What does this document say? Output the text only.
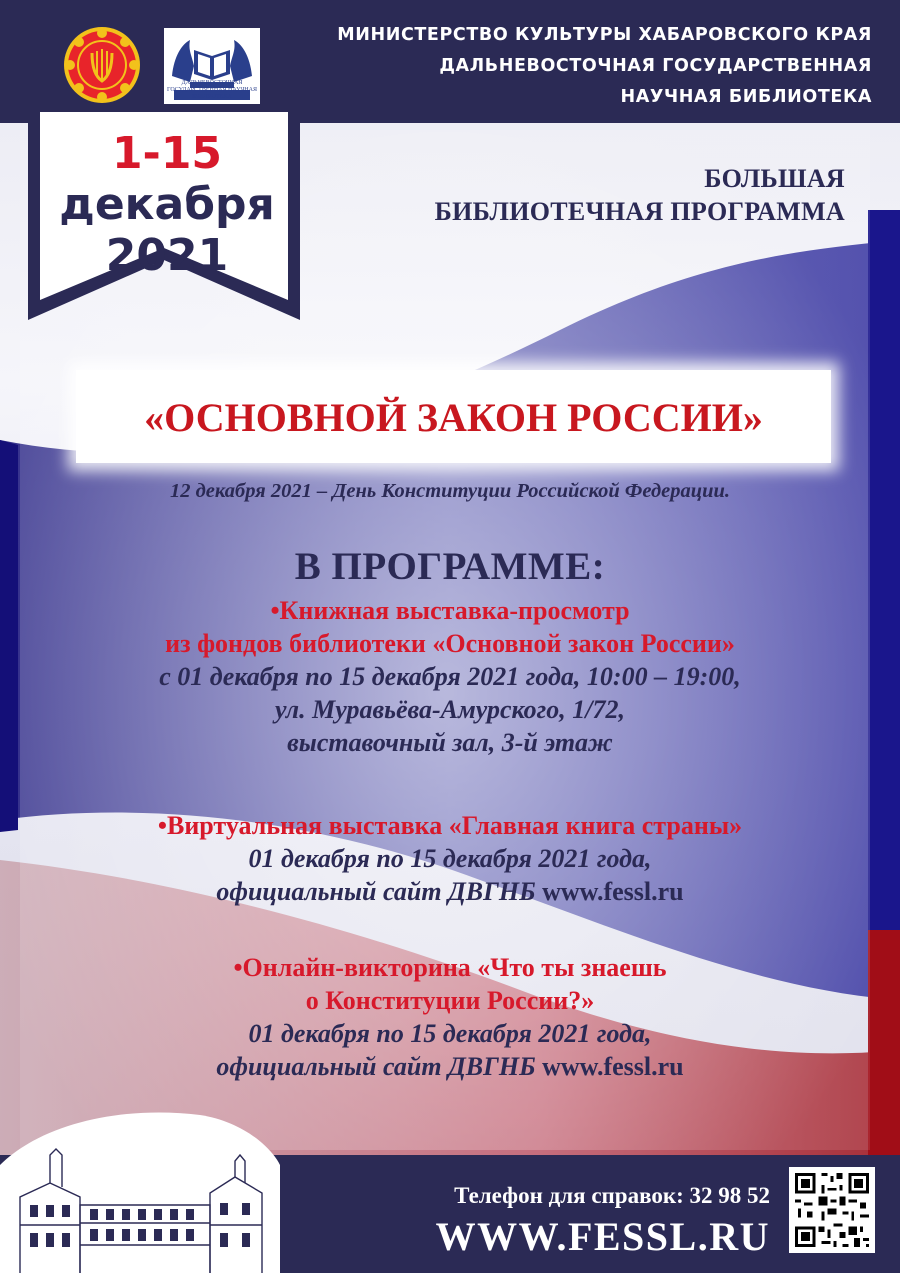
ДАЛЬНЕВОСТОЧНАЯ ГОСУДАРСТВЕННАЯ НАУЧНАЯ БИБЛИОТЕКА
МИНИСТЕРСТВО КУЛЬТУРЫ ХАБАРОВСКОГО КРАЯ
ДАЛЬНЕВОСТОЧНАЯ ГОСУДАРСТВЕННАЯ
НАУЧНАЯ БИБЛИОТЕКА
1-15
декабря
2021
БОЛЬШАЯ
БИБЛИОТЕЧНАЯ ПРОГРАММА
«ОСНОВНОЙ ЗАКОН РОССИИ»
12 декабря 2021 – День Конституции Российской Федерации.
В ПРОГРАММЕ:
•Книжная выставка-просмотр
из фондов библиотеки «Основной закон России»
с 01 декабря по 15 декабря 2021 года, 10:00 – 19:00,
ул. Муравьёва-Амурского, 1/72,
выставочный зал, 3-й этаж
•Виртуальная выставка «Главная книга страны»
01 декабря по 15 декабря 2021 года,
официальный сайт ДВГНБ www.fessl.ru
•Онлайн-викторина «Что ты знаешь
о Конституции России?»
01 декабря по 15 декабря 2021 года,
официальный сайт ДВГНБ www.fessl.ru
Телефон для справок: 32 98 52
WWW.FESSL.RU
